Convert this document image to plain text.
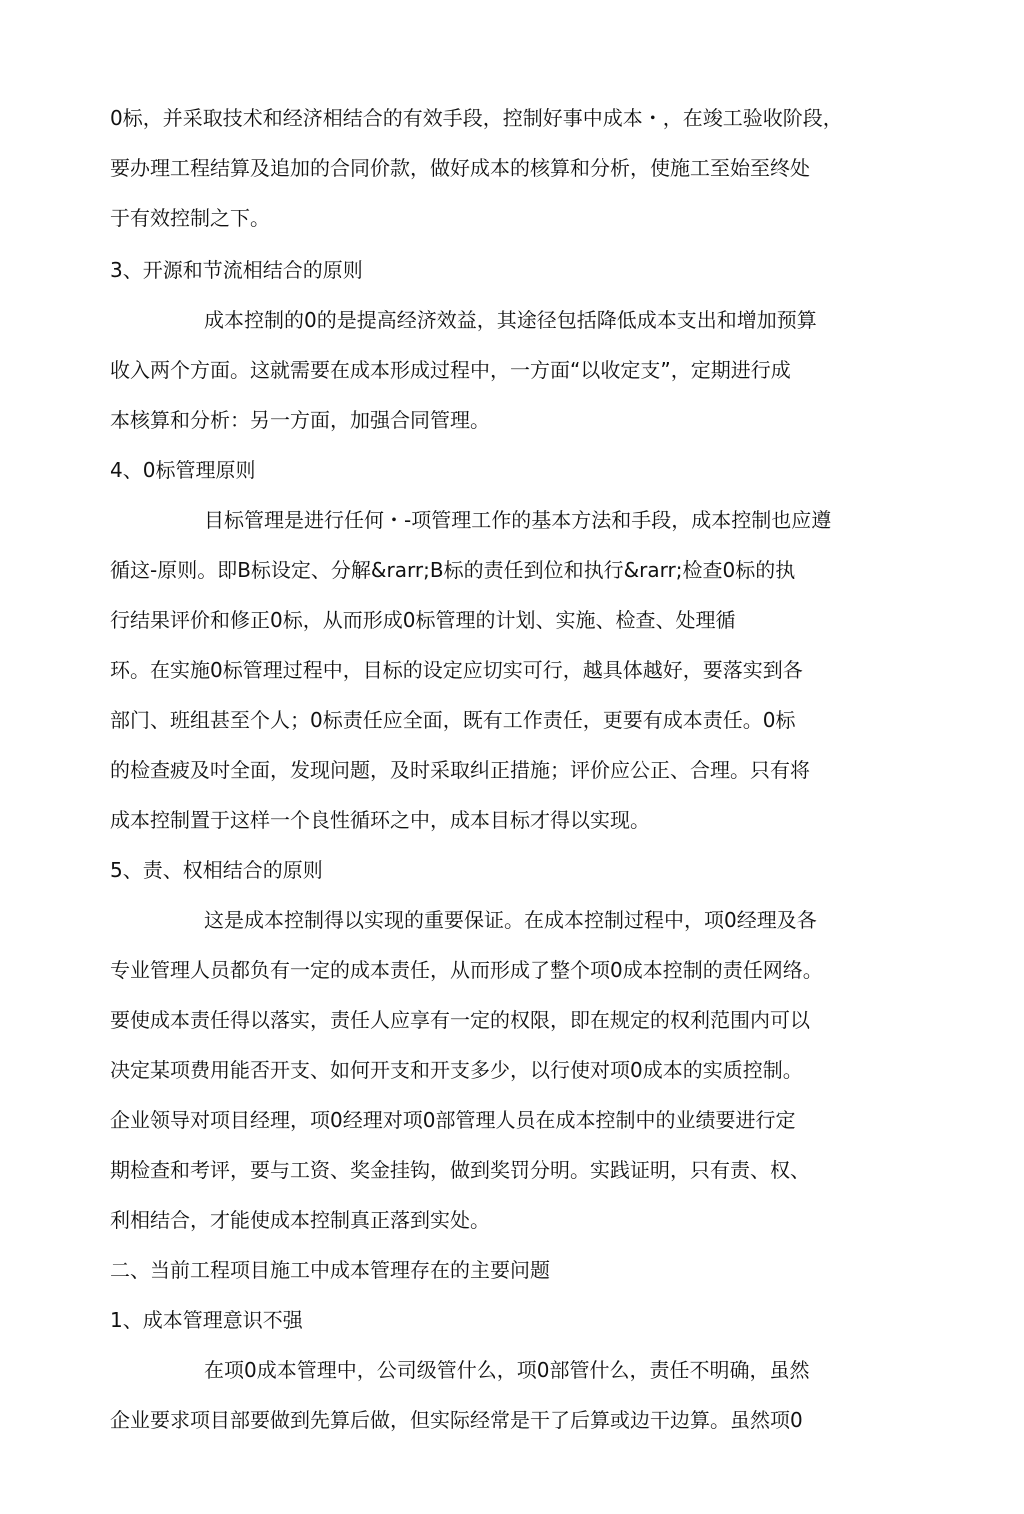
0标，并采取技术和经济相结合的有效手段，控制好事中成本・，在竣工验收阶段，
要办理工程结算及追加的合同价款，做好成本的核算和分析，使施工至始至终处
于有效控制之下。
3、开源和节流相结合的原则
成本控制的0的是提高经济效益，其途径包括降低成本支出和增加预算
收入两个方面。这就需要在成本形成过程中，一方面“以收定支”，定期进行成
本核算和分析：另一方面，加强合同管理。
4、0标管理原则
目标管理是进行任何・-项管理工作的基本方法和手段，成本控制也应遵
循这-原则。即B标设定、分解&rarr;B标的责任到位和执行&rarr;检查0标的执
行结果评价和修正0标，从而形成0标管理的计划、实施、检查、处理循
环。在实施0标管理过程中，目标的设定应切实可行，越具体越好，要落实到各
部门、班组甚至个人；0标责任应全面，既有工作责任，更要有成本责任。0标
的检查疲及吋全面，发现问题，及时采取纠正措施；评价应公正、合理。只有将
成本控制置于这样一个良性循环之中，成本目标才得以实现。
5、责、权相结合的原则
这是成本控制得以实现的重要保证。在成本控制过程中，项0经理及各
专业管理人员都负有一定的成本责任，从而形成了整个项0成本控制的责任网络。
要使成本责任得以落实，责任人应享有一定的权限，即在规定的权利范围内可以
决定某项费用能否开支、如何开支和开支多少，以行使对项0成本的实质控制。
企业领导对项目经理，项0经理对项0部管理人员在成本控制中的业绩要进行定
期检查和考评，要与工资、奖金挂钩，做到奖罚分明。实践证明，只有责、权、
利相结合，才能使成本控制真正落到实处。
二、当前工程项目施工中成本管理存在的主要问题
1、成本管理意识不强
在项0成本管理中，公司级管什么，项0部管什么，责任不明确，虽然
企业要求项目部要做到先算后做，但实际经常是干了后算或边干边算。虽然项0
